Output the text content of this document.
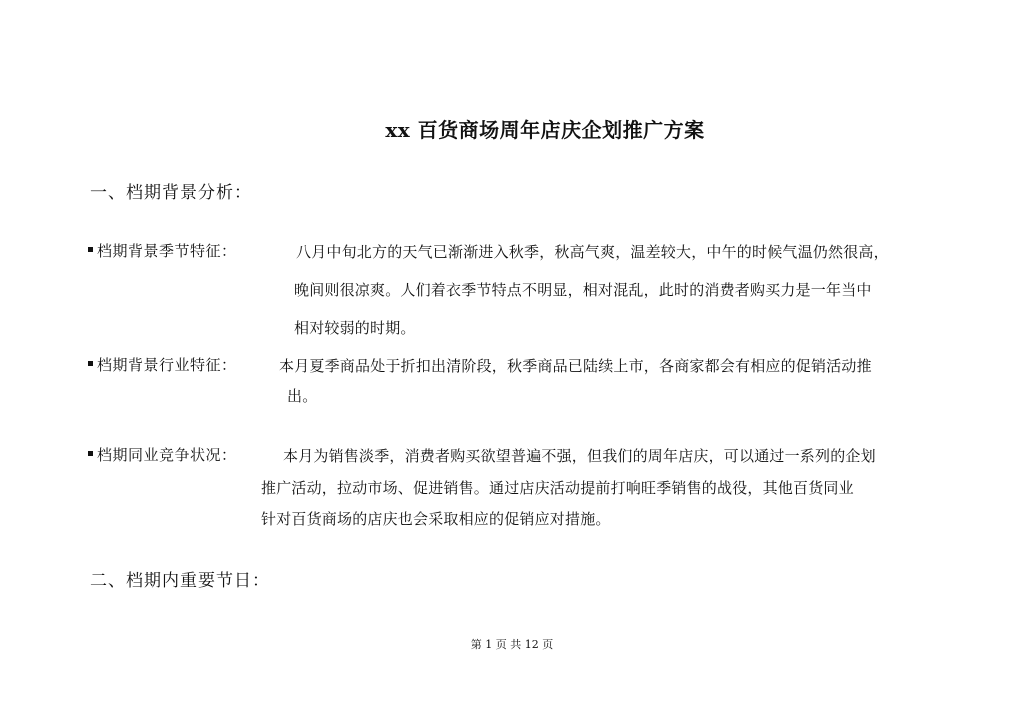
xx 百货商场周年店庆企划推广方案
一、档期背景分析：
档期背景季节特征：	八月中旬北方的天气已渐渐进入秋季，秋高气爽，温差较大，中午的时候气温仍然很高，
晚间则很凉爽。人们着衣季节特点不明显，相对混乱，此时的消费者购买力是一年当中
相对较弱的时期。
档期背景行业特征：	本月夏季商品处于折扣出清阶段，秋季商品已陆续上市，各商家都会有相应的促销活动推
出。
档期同业竞争状况：	本月为销售淡季，消费者购买欲望普遍不强，但我们的周年店庆，可以通过一系列的企划
推广活动，拉动市场、促进销售。通过店庆活动提前打响旺季销售的战役，其他百货同业
针对百货商场的店庆也会采取相应的促销应对措施。
二、档期内重要节日：
第 1 页 共 12 页
